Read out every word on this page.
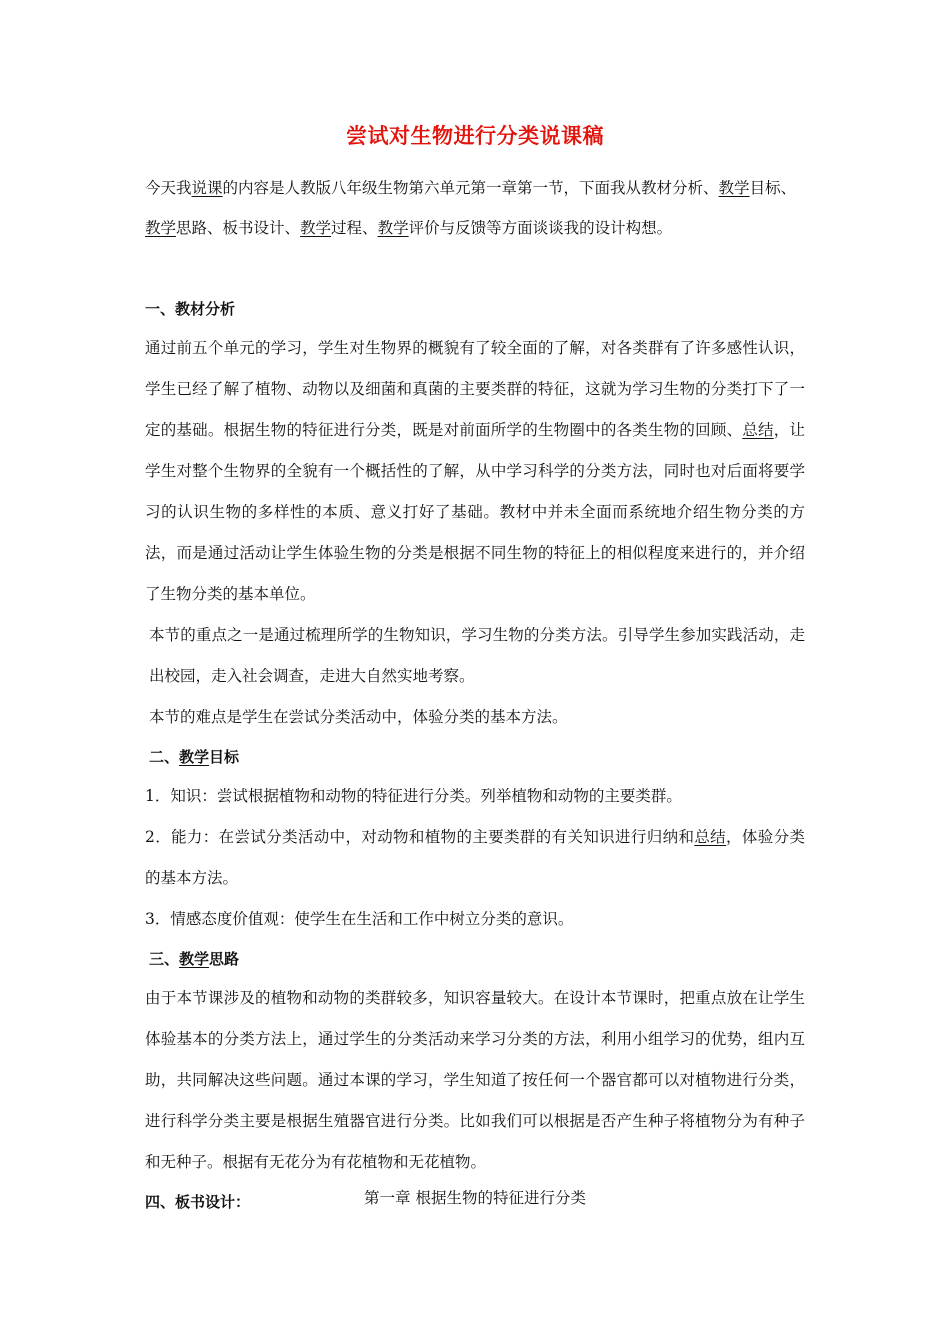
尝试对生物进行分类说课稿
今天我说课的内容是人教版八年级生物第六单元第一章第一节，下面我从教材分析、教学目标、教学思路、板书设计、教学过程、教学评价与反馈等方面谈谈我的设计构想。
一、教材分析

通过前五个单元的学习，学生对生物界的概貌有了较全面的了解，对各类群有了许多感性认识，学生已经了解了植物、动物以及细菌和真菌的主要类群的特征，这就为学习生物的分类打下了一定的基础。根据生物的特征进行分类，既是对前面所学的生物圈中的各类生物的回顾、总结，让学生对整个生物界的全貌有一个概括性的了解，从中学习科学的分类方法，同时也对后面将要学习的认识生物的多样性的本质、意义打好了基础。教材中并未全面而系统地介绍生物分类的方法，而是通过活动让学生体验生物的分类是根据不同生物的特征上的相似程度来进行的，并介绍了生物分类的基本单位。

本节的重点之一是通过梳理所学的生物知识，学习生物的分类方法。引导学生参加实践活动，走出校园，走入社会调查，走进大自然实地考察。

本节的难点是学生在尝试分类活动中，体验分类的基本方法。

二、教学目标

1．知识：尝试根据植物和动物的特征进行分类。列举植物和动物的主要类群。

2．能力：在尝试分类活动中，对动物和植物的主要类群的有关知识进行归纳和总结，体验分类的基本方法。

3．情感态度价值观：使学生在生活和工作中树立分类的意识。

三、教学思路

由于本节课涉及的植物和动物的类群较多，知识容量较大。在设计本节课时，把重点放在让学生体验基本的分类方法上，通过学生的分类活动来学习分类的方法，利用小组学习的优势，组内互助，共同解决这些问题。通过本课的学习，学生知道了按任何一个器官都可以对植物进行分类，进行科学分类主要是根据生殖器官进行分类。比如我们可以根据是否产生种子将植物分为有种子和无种子。根据有无花分为有花植物和无花植物。

四、板书设计：	第一章 根据生物的特征进行分类
